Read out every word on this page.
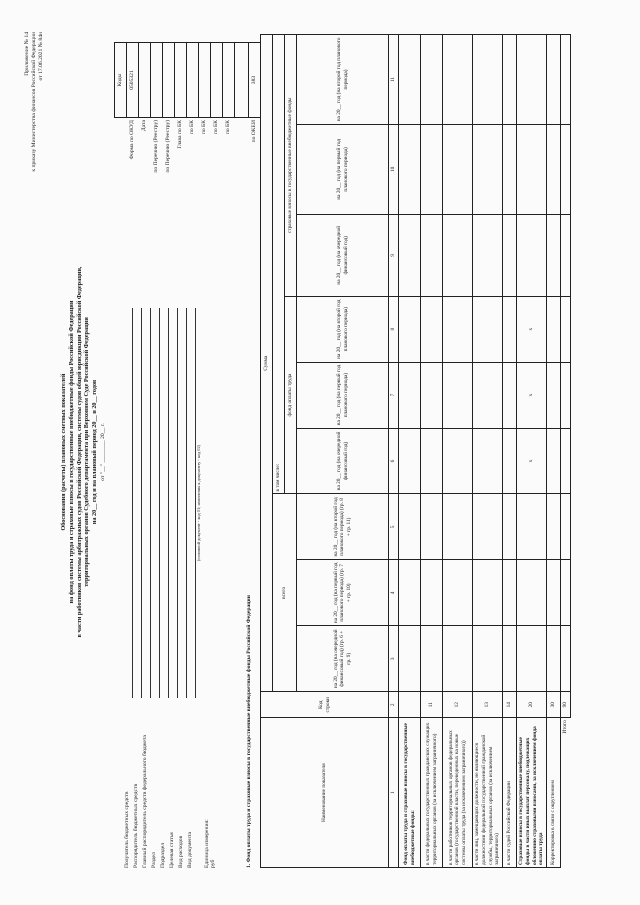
Приложение № 14 к приказу Министерства финансов Российской Федерации от 17.06.2021 № 84н
Обоснования (расчеты) плановых сметных показателей на фонд оплаты труда и страховые взносы в государственные внебюджетные фонды Российской Федерации в части работников системы арбитражных судов Российской Федерации, системы судов общей юрисдикции Российской Федерации, территориальных органов Судебного департамента при Верховном Суде Российской Федерации на 20__ год и на плановый период 20__ и 20__ годов от "__" ________ 20__ г.
Получатель бюджетных средств Распорядитель бюджетных средств Главный распорядитель средств федерального бюджета Раздел Подраздел Целевая статья Вид расходов Вид документа
(основной документ - код 01; изменения к документу - код 02)
Единица измерения: руб
	Коды
Форма по ОКУД	0505321
Дата	
по Перечню (Реестру)	
по Перечню (Реестру)	
Глава по БК	
по БК	
по БК	
по БК	
по БК	

по ОКЕИ	383
1. Фонд оплаты труда и страховые взносы в государственные внебюджетные фонды Российской Федерации	Наименование показателя	Код строки	Сумма								
		всего			в том числе:					
					фонд оплаты труда			страховые взносы в государственные внебюджетные фонды		
		на 20__ год (на очередной финансовый год) (гр. 6 + гр. 9)	на 20__ год (на первый год планового периода) (гр. 7 + гр. 10)	на 20__ год (на второй год планового периода) (гр. 8 + гр. 11)	на 20__ год (на очередной финансовый год)	на 20__ год (на первый год планового периода)	на 20__ год (на второй год планового периода)	на 20__ год (на очередной финансовый год)	на 20__ год (на первый год планового периода)	на 20__ год (на второй год планового периода)
1	2	3	4	5	6	7	8	9	10	11
Фонд оплаты труда и страховые взносы в государственные внебюджетные фонды:										
в части федеральных государственных гражданских служащих территориальных органов (за исключением заграничного)	11									
в части работников территориальных органов федеральных органов (государственной власти, переведенных на новые системы оплаты труда (за исключением заграничного))	12									
в части лиц, замещающих должности, не являющиеся должностями федеральной государственной гражданской службы, территориальных органов (за исключением заграничного)	13									
в части судей Российской Федерации	14									
Страховые взносы в государственные внебюджетные фонды в части иных выплат персоналу, подлежащих обложению страховыми взносами, за исключением фонда оплаты труда	20				x	x	x			
Корректировка в связи с округлением	30									
Итого	90									
